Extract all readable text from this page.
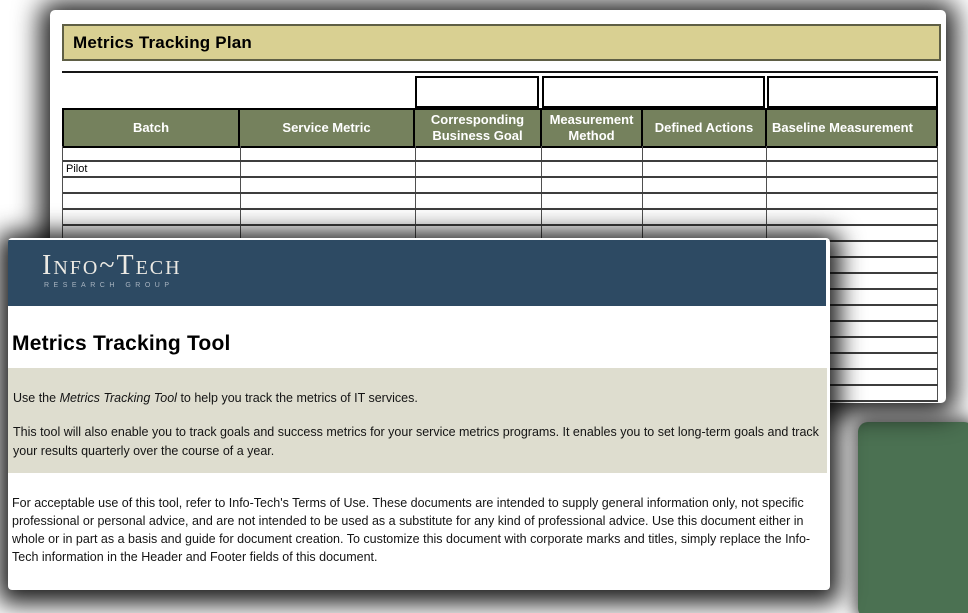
Metrics Tracking Plan
Batch	Service Metric
Corresponding Business Goal
Measurement Method
Defined Actions	Baseline Measurement
Pilot
Info~Tech
RESEARCH GROUP
Metrics Tracking Tool

Use the Metrics Tracking Tool to help you track the metrics of IT services.

This tool will also enable you to track goals and success metrics for your service metrics programs. It enables you to set long-term goals and track your results quarterly over the course of a year.

For acceptable use of this tool, refer to Info-Tech's Terms of Use. These documents are intended to supply general information only, not specific professional or personal advice, and are not intended to be used as a substitute for any kind of professional advice. Use this document either in whole or in part as a basis and guide for document creation. To customize this document with corporate marks and titles, simply replace the Info-Tech information in the Header and Footer fields of this document.
